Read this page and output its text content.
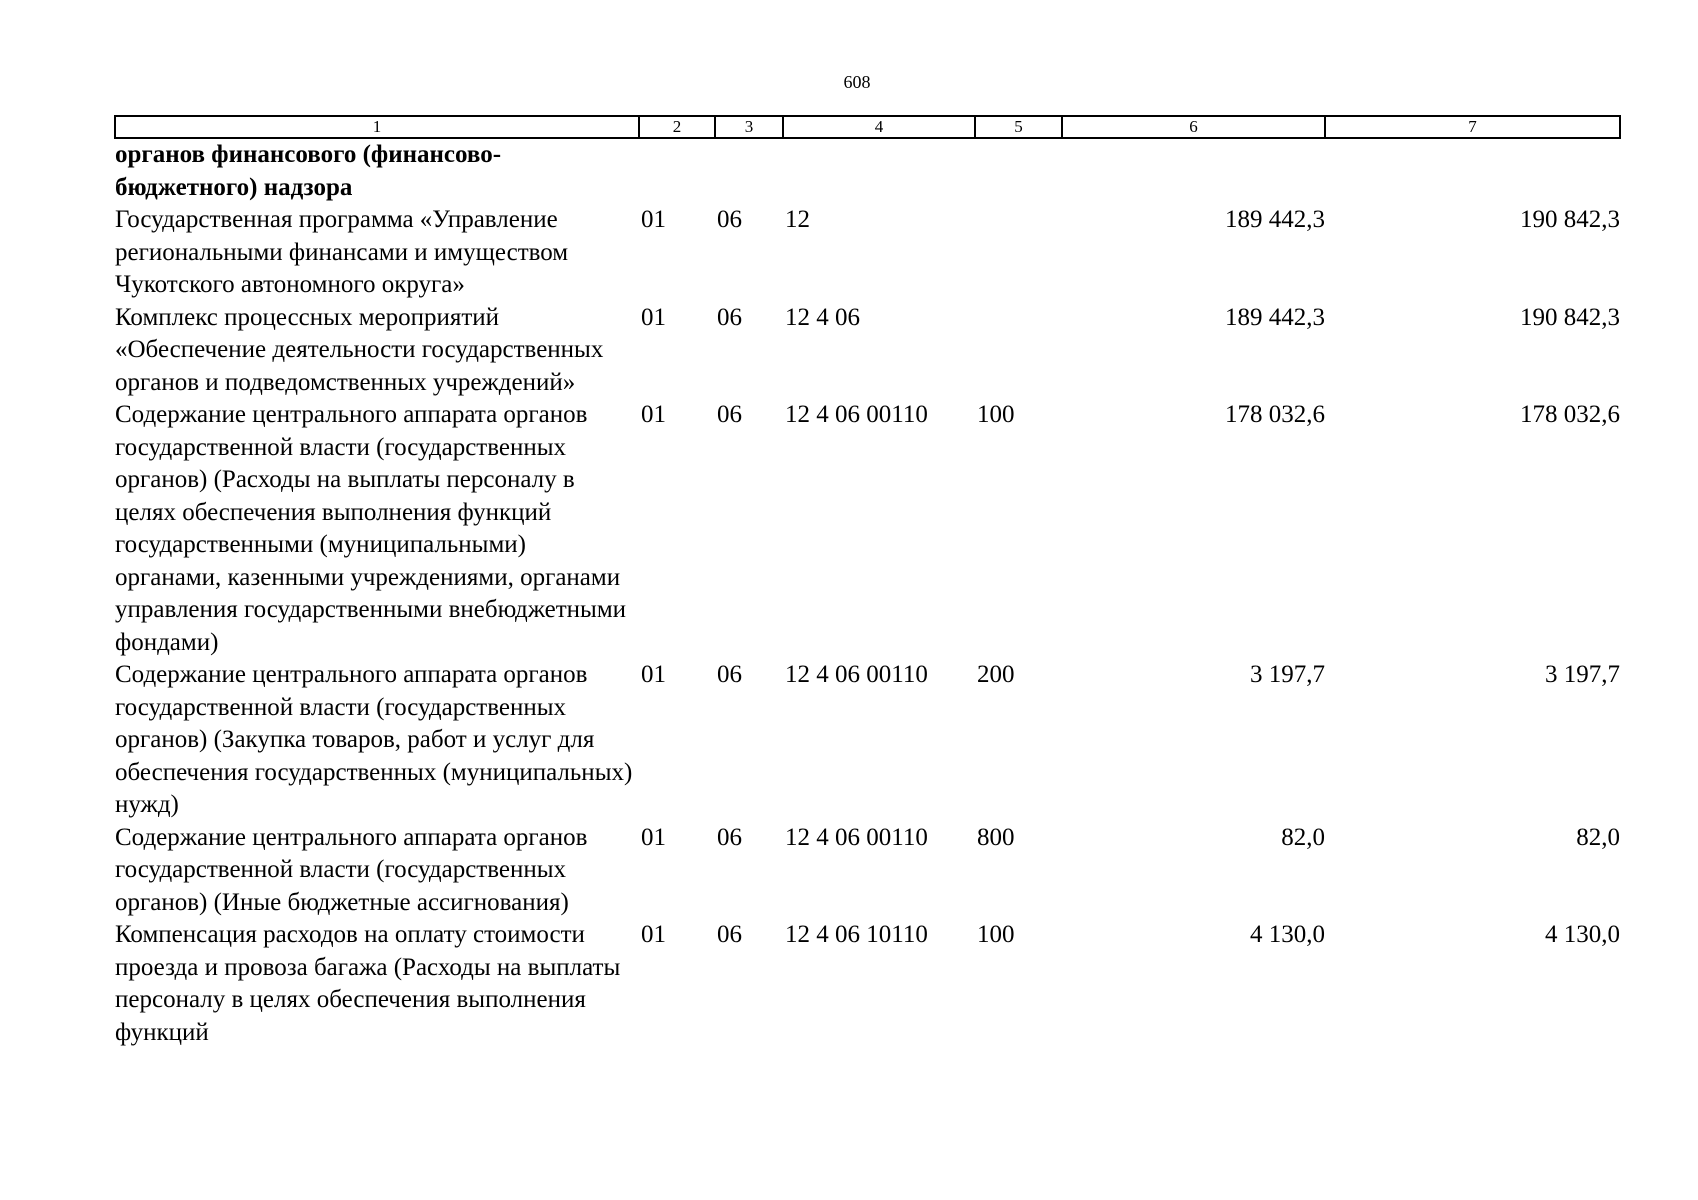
608
1	2	3	4	5	6	7
органов финансового (финансово-бюджетного) надзора						
Государственная программа «Управление региональными финансами и имуществом Чукотского автономного округа»	01	06	12		189 442,3	190 842,3
Комплекс процессных мероприятий «Обеспечение деятельности государственных органов и подведомственных учреждений»	01	06	12 4 06		189 442,3	190 842,3
Содержание центрального аппарата органов государственной власти (государственных органов) (Расходы на выплаты персоналу в целях обеспечения выполнения функций государственными (муниципальными) органами, казенными учреждениями, органами управления государственными внебюджетными фондами)	01	06	12 4 06 00110	100	178 032,6	178 032,6
Содержание центрального аппарата органов государственной власти (государственных органов) (Закупка товаров, работ и услуг для обеспечения государственных (муниципальных) нужд)	01	06	12 4 06 00110	200	3 197,7	3 197,7
Содержание центрального аппарата органов государственной власти (государственных органов) (Иные бюджетные ассигнования)	01	06	12 4 06 00110	800	82,0	82,0
Компенсация расходов на оплату стоимости проезда и провоза багажа (Расходы на выплаты персоналу в целях обеспечения выполнения функций	01	06	12 4 06 10110	100	4 130,0	4 130,0
